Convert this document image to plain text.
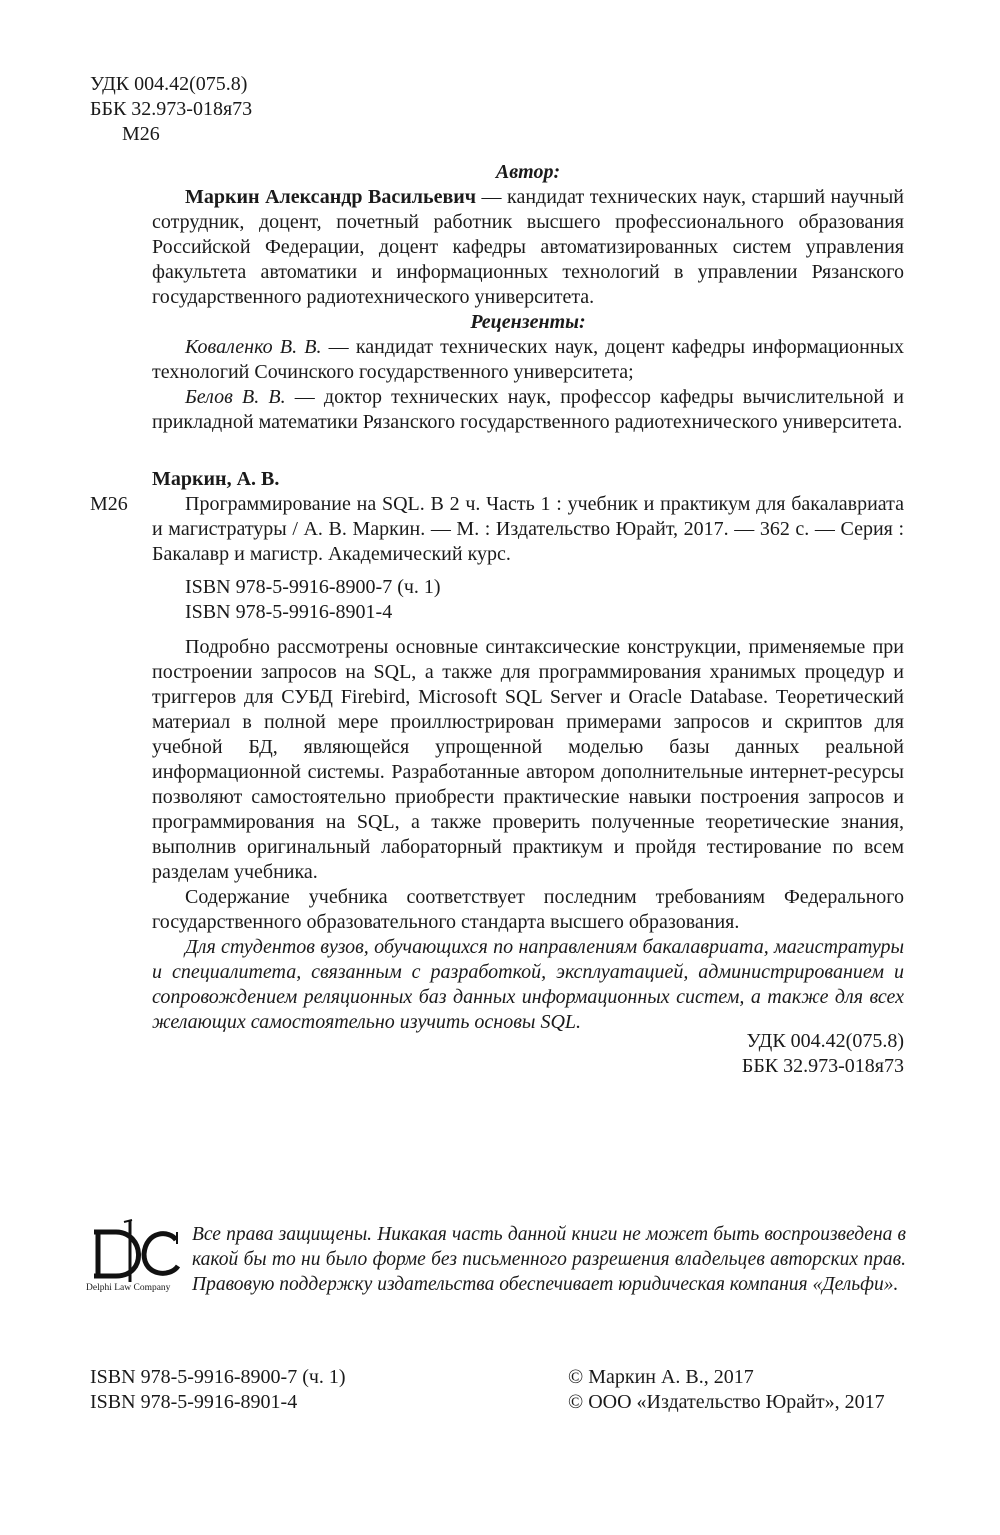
УДК 004.42(075.8)
ББК 32.973-018я73
М26
Автор:

Маркин Александр Васильевич — кандидат технических наук, старший научный сотрудник, доцент, почетный работник высшего профессионального образования Российской Федерации, доцент кафедры автоматизированных систем управления факультета автоматики и информационных технологий в управлении Рязанского государственного радиотехнического университета.

Рецензенты:

Коваленко В. В. — кандидат технических наук, доцент кафедры информационных технологий Сочинского государственного университета;

Белов В. В. — доктор технических наук, профессор кафедры вычислительной и прикладной математики Рязанского государственного радиотехнического университета.

Маркин, А. В.
М26	Программирование на SQL. В 2 ч. Часть 1 : учебник и практикум для бакалавриата и магистратуры / А. В. Маркин. — М. : Издательство Юрайт, 2017. — 362 с. — Серия : Бакалавр и магистр. Академический курс.

ISBN 978-5-9916-8900-7 (ч. 1)
ISBN 978-5-9916-8901-4

Подробно рассмотрены основные синтаксические конструкции, применяемые при построении запросов на SQL, а также для программирования хранимых процедур и триггеров для СУБД Firebird, Microsoft SQL Server и Oracle Database. Теоретический материал в полной мере проиллюстрирован примерами запросов и скриптов для учебной БД, являющейся упрощенной моделью базы данных реальной информационной системы. Разработанные автором дополнительные интернет-ресурсы позволяют самостоятельно приобрести практические навыки построения запросов и программирования на SQL, а также проверить полученные теоретические знания, выполнив оригинальный лабораторный практикум и пройдя тестирование по всем разделам учебника.

Содержание учебника соответствует последним требованиям Федерального государственного образовательного стандарта высшего образования.

Для студентов вузов, обучающихся по направлениям бакалавриата, магистратуры и специалитета, связанным с разработкой, эксплуатацией, администрированием и сопровождением реляционных баз данных информационных систем, а также для всех желающих самостоятельно изучить основы SQL.

УДК 004.42(075.8)
ББК 32.973-018я73
Delphi Law Company

Все права защищены. Никакая часть данной книги не может быть воспроизведена в какой бы то ни было форме без письменного разрешения владельцев авторских прав. Правовую поддержку издательства обеспечивает юридическая компания «Дельфи».

ISBN 978-5-9916-8900-7 (ч. 1)
ISBN 978-5-9916-8901-4
© Маркин А. В., 2017
© ООО «Издательство Юрайт», 2017
